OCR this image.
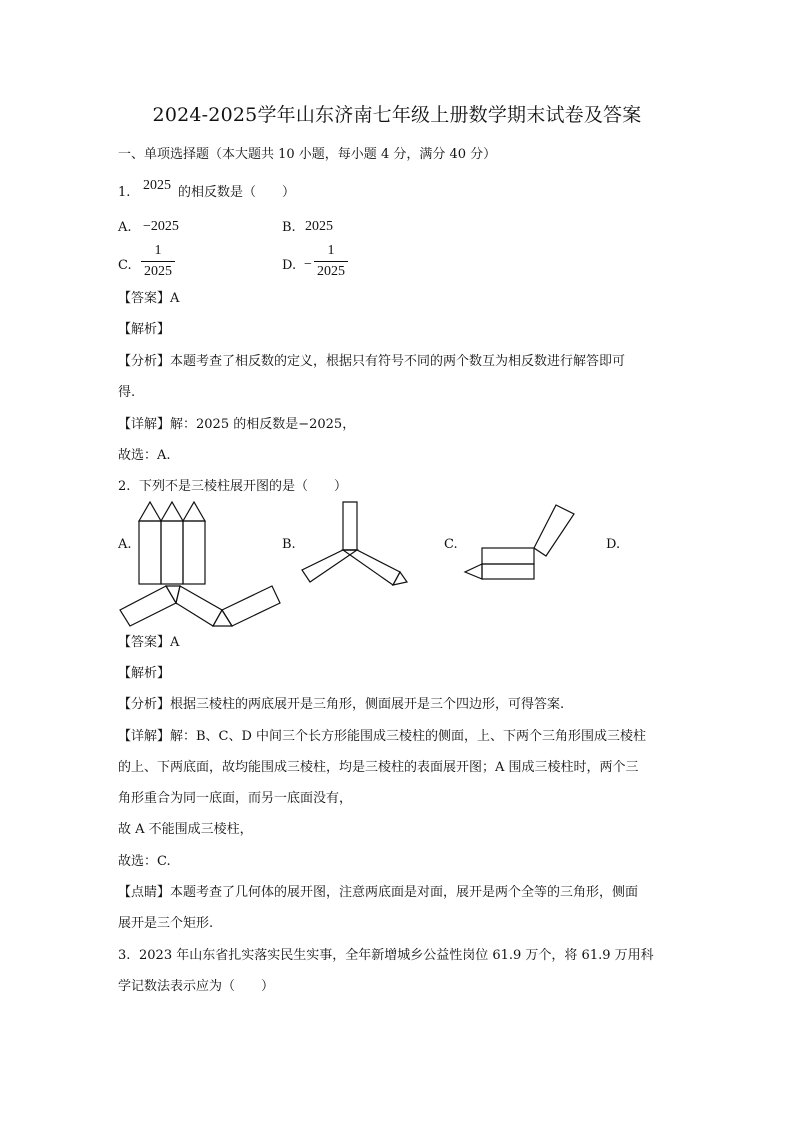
2024-2025学年山东济南七年级上册数学期末试卷及答案
一、单项选择题（本大题共 10 小题，每小题 4 分，满分 40 分）
1. 2025 的相反数是（　　）
A. −2025	B. 2025
C.
1
2025	D. −
1
2025
【答案】A
【解析】
【分析】本题考查了相反数的定义，根据只有符号不同的两个数互为相反数进行解答即可
得.
【详解】解：2025 的相反数是−2025，
故选：A.
2. 下列不是三棱柱展开图的是（　　）
A.	B.	C.	D.
【答案】A
【解析】
【分析】根据三棱柱的两底展开是三角形，侧面展开是三个四边形，可得答案.
【详解】解：B、C、D 中间三个长方形能围成三棱柱的侧面，上、下两个三角形围成三棱柱
的上、下两底面，故均能围成三棱柱，均是三棱柱的表面展开图；A 围成三棱柱时，两个三
角形重合为同一底面，而另一底面没有，
故 A 不能围成三棱柱，
故选：C.
【点睛】本题考查了几何体的展开图，注意两底面是对面，展开是两个全等的三角形，侧面
展开是三个矩形.
3. 2023 年山东省扎实落实民生实事，全年新增城乡公益性岗位 61.9 万个，将 61.9 万用科
学记数法表示应为（　　）
